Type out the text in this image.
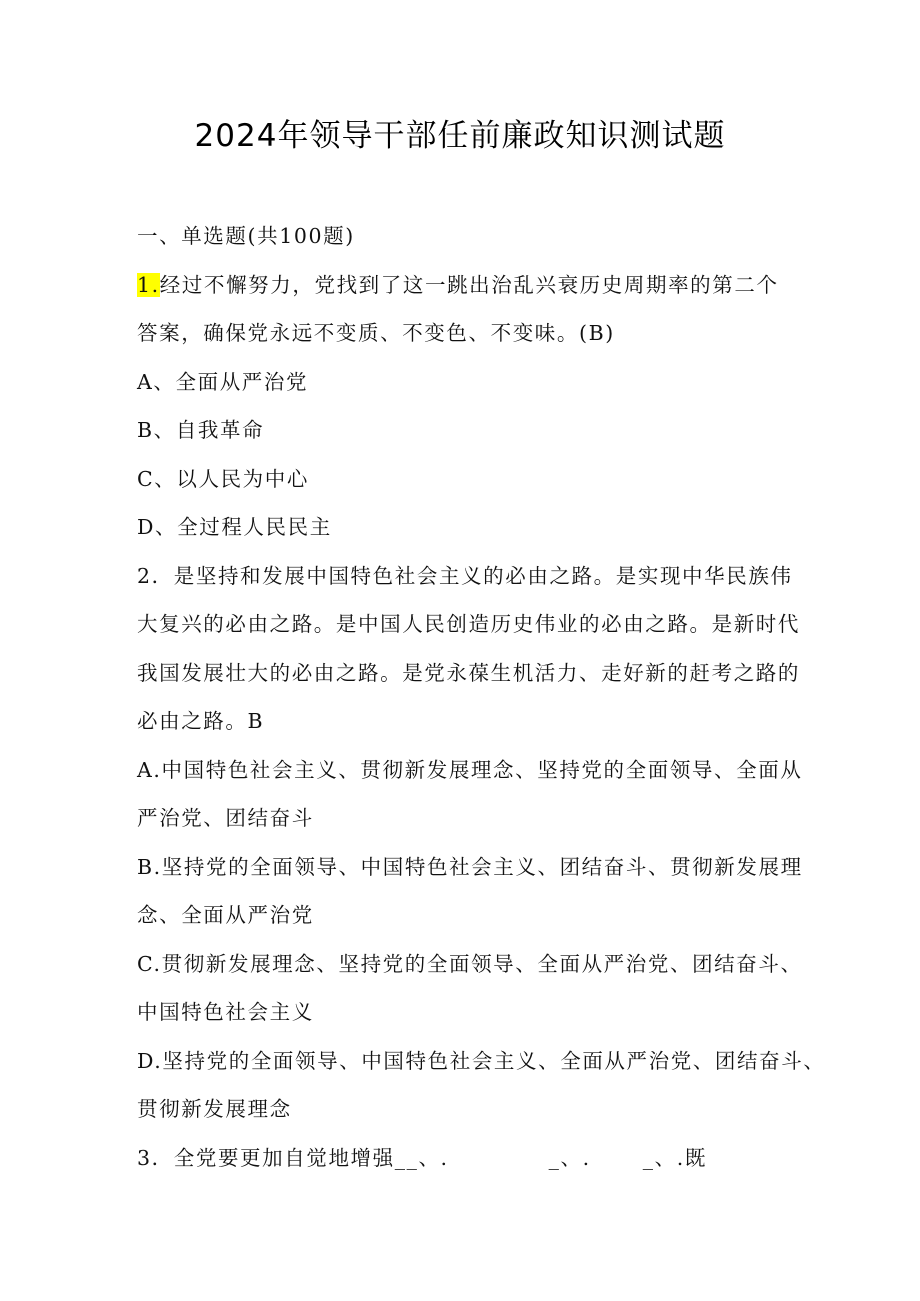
2024年领导干部任前廉政知识测试题
一、单选题(共100题)
1.经过不懈努力，党找到了这一跳出治乱兴衰历史周期率的第二个
答案，确保党永远不变质、不变色、不变味。(B)
A、全面从严治党
B、自我革命
C、以人民为中心
D、全过程人民民主
2．是坚持和发展中国特色社会主义的必由之路。是实现中华民族伟
大复兴的必由之路。是中国人民创造历史伟业的必由之路。是新时代
我国发展壮大的必由之路。是党永葆生机活力、走好新的赶考之路的
必由之路。B
A.中国特色社会主义、贯彻新发展理念、坚持党的全面领导、全面从
严治党、团结奋斗
B.坚持党的全面领导、中国特色社会主义、团结奋斗、贯彻新发展理
念、全面从严治党
C.贯彻新发展理念、坚持党的全面领导、全面从严治党、团结奋斗、
中国特色社会主义
D.坚持党的全面领导、中国特色社会主义、全面从严治党、团结奋斗、
贯彻新发展理念
3．全党要更加自觉地增强__、.	_、.	_、.既
